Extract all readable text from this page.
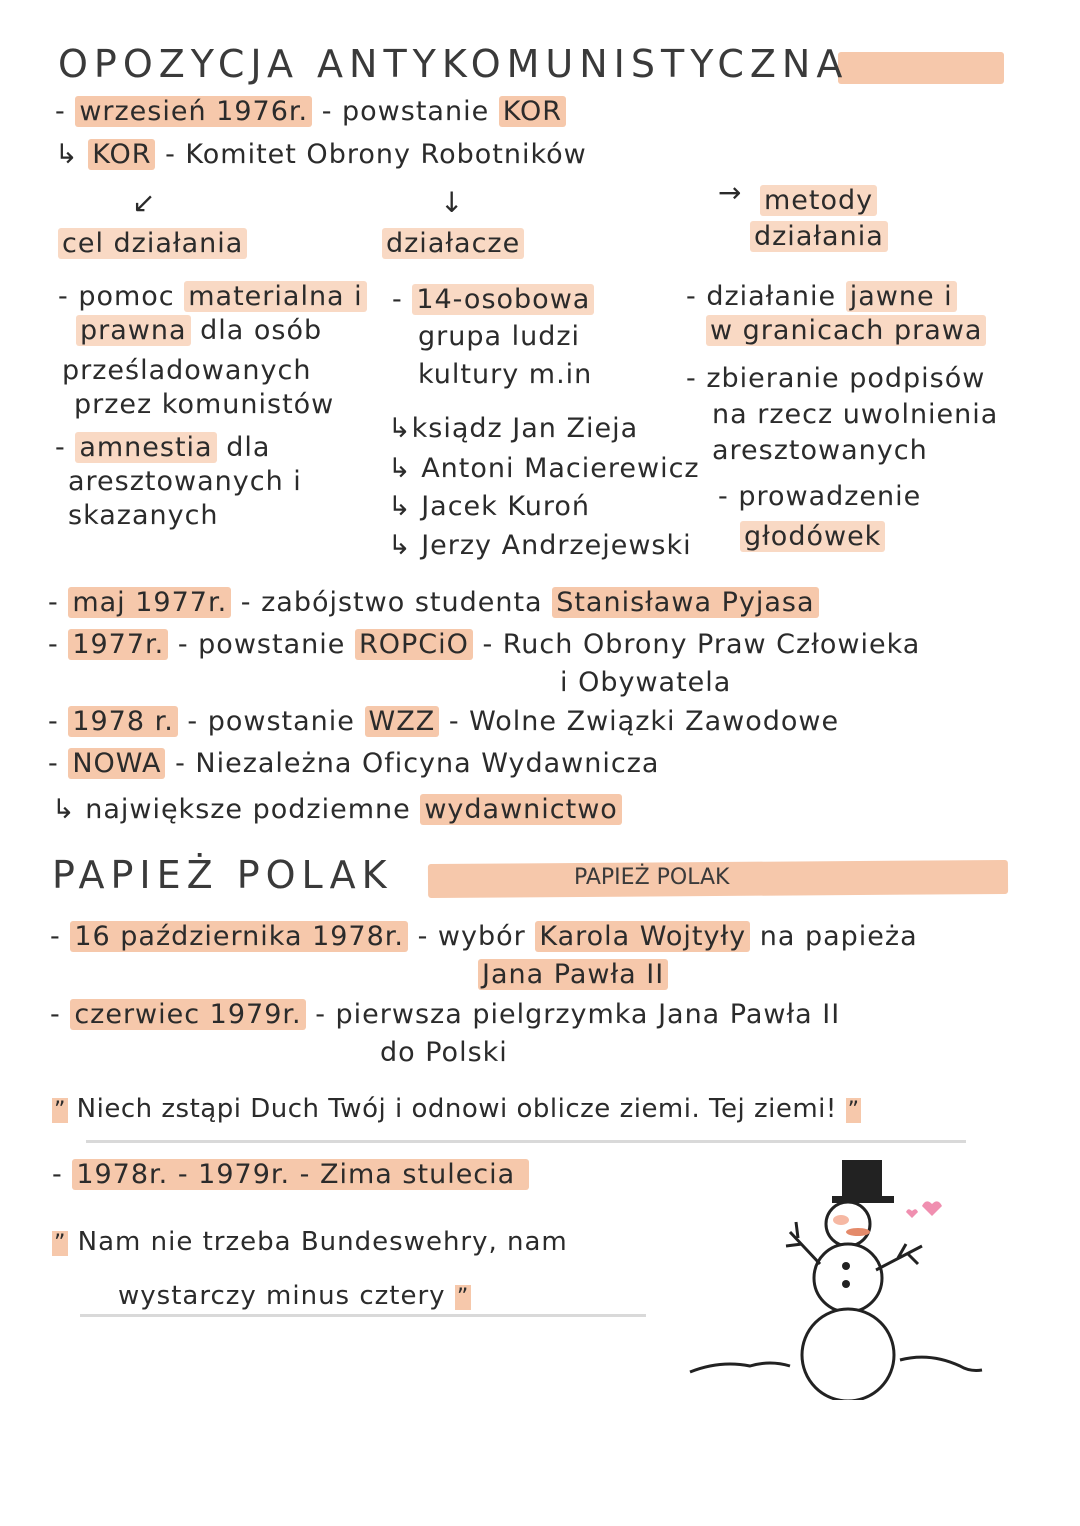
OPOZYCJA ANTYKOMUNISTYCZNA
- wrzesień 1976r. - powstanie KOR
↳ KOR - Komitet Obrony Robotników
↙	↓	→
cel działania	działacze
metody
działania
- pomoc materialna i
prawna dla osób
prześladowanych
przez komunistów
- amnestia dla
aresztowanych i
skazanych
- 14-osobowa
grupa ludzi
kultury m.in
↳ksiądz Jan Zieja
↳ Antoni Macierewicz
↳ Jacek Kuroń
↳ Jerzy Andrzejewski
- działanie jawne i
w granicach prawa
- zbieranie podpisów
na rzecz uwolnienia
aresztowanych
- prowadzenie
głodówek
- maj 1977r. - zabójstwo studenta Stanisława Pyjasa
- 1977r. - powstanie ROPCiO - Ruch Obrony Praw Człowieka
i Obywatela
- 1978 r. - powstanie WZZ - Wolne Związki Zawodowe
- NOWA - Niezależna Oficyna Wydawnicza
↳ największe podziemne wydawnictwo
PAPIEŻ POLAK
PAPIEŻ POLAK
- 16 października 1978r. - wybór Karola Wojtyły na papieża
Jana Pawła II
- czerwiec 1979r. - pierwsza pielgrzymka Jana Pawła II
do Polski
” Niech zstąpi Duch Twój i odnowi oblicze ziemi. Tej ziemi! ”
- 1978r. - 1979r. - Zima stulecia
” Nam nie trzeba Bundeswehry, nam
wystarczy minus cztery ”
